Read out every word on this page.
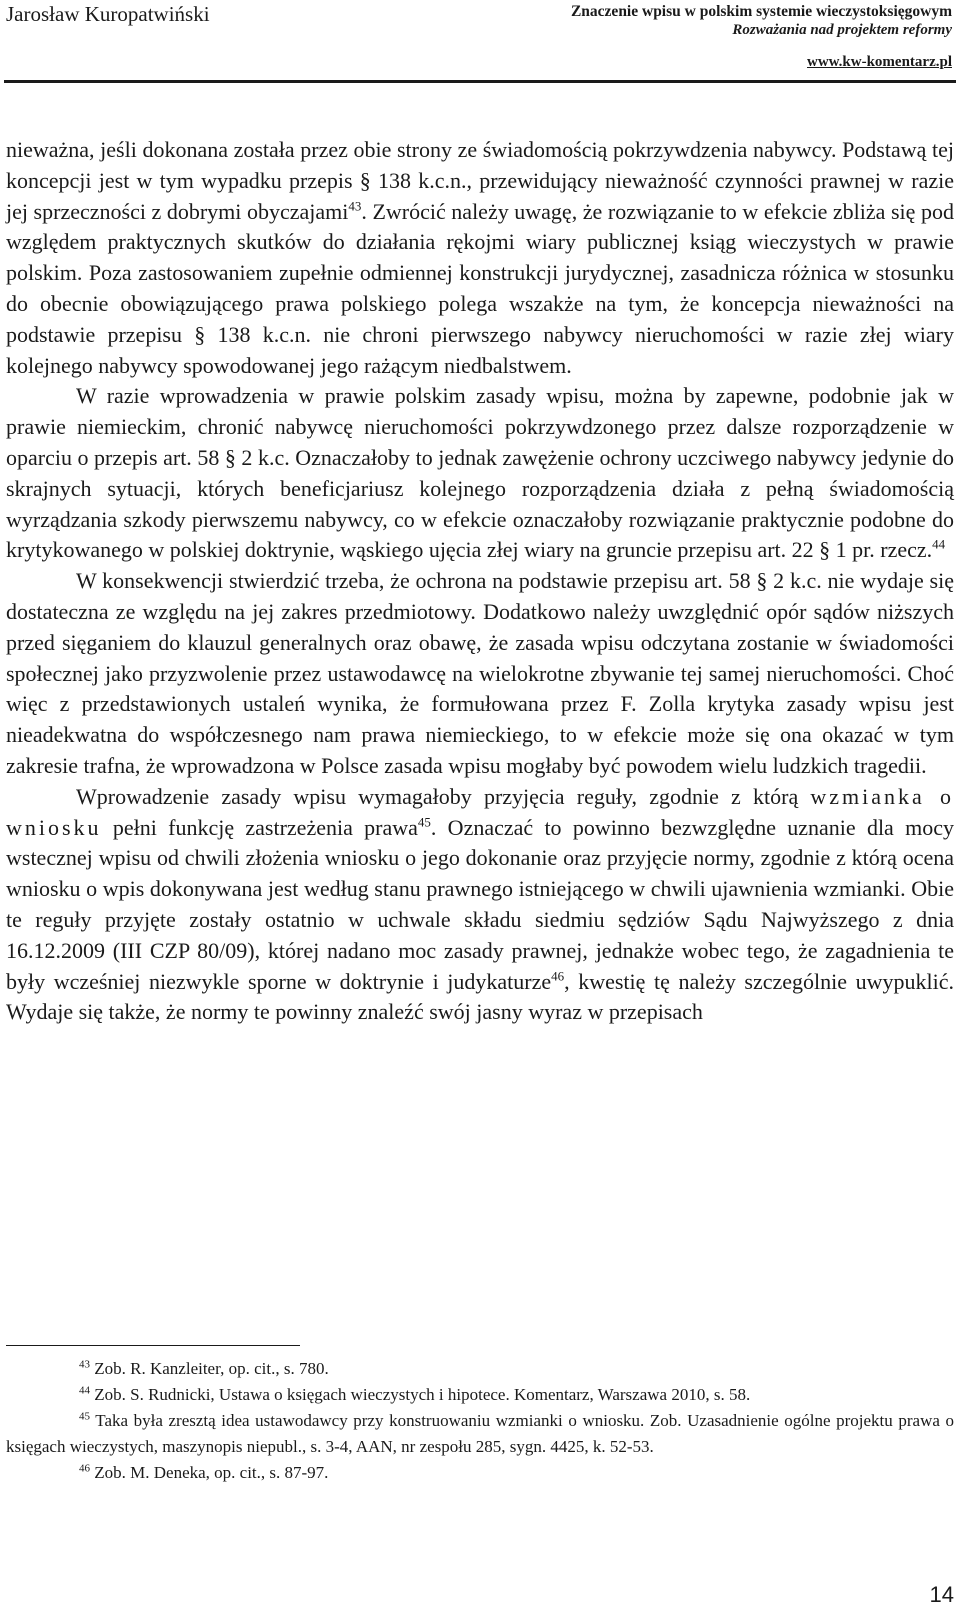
Jarosław Kuropatwiński	Znaczenie wpisu w polskim systemie wieczystoksięgowym
Rozważania nad projektem reformy
www.kw-komentarz.pl

nieważna, jeśli dokonana została przez obie strony ze świadomością pokrzywdzenia nabywcy. Podstawą tej koncepcji jest w tym wypadku przepis § 138 k.c.n., przewidujący nieważność czynności prawnej w razie jej sprzeczności z dobrymi obyczajami$^{43}$. Zwrócić należy uwagę, że rozwiązanie to w efekcie zbliża się pod względem praktycznych skutków do działania rękojmi wiary publicznej ksiąg wieczystych w prawie polskim. Poza zastosowaniem zupełnie odmiennej konstrukcji jurydycznej, zasadnicza różnica w stosunku do obecnie obowiązującego prawa polskiego polega wszakże na tym, że koncepcja nieważności na podstawie przepisu § 138 k.c.n. nie chroni pierwszego nabywcy nieruchomości w razie złej wiary kolejnego nabywcy spowodowanej jego rażącym niedbalstwem.

W razie wprowadzenia w prawie polskim zasady wpisu, można by zapewne, podobnie jak w prawie niemieckim, chronić nabywcę nieruchomości pokrzywdzonego przez dalsze rozporządzenie w oparciu o przepis art. 58 § 2 k.c. Oznaczałoby to jednak zawężenie ochrony uczciwego nabywcy jedynie do skrajnych sytuacji, których beneficjariusz kolejnego rozporządzenia działa z pełną świadomością wyrządzania szkody pierwszemu nabywcy, co w efekcie oznaczałoby rozwiązanie praktycznie podobne do krytykowanego w polskiej doktrynie, wąskiego ujęcia złej wiary na gruncie przepisu art. 22 § 1 pr. rzecz.$^{44}$

W konsekwencji stwierdzić trzeba, że ochrona na podstawie przepisu art. 58 § 2 k.c. nie wydaje się dostateczna ze względu na jej zakres przedmiotowy. Dodatkowo należy uwzględnić opór sądów niższych przed sięganiem do klauzul generalnych oraz obawę, że zasada wpisu odczytana zostanie w świadomości społecznej jako przyzwolenie przez ustawodawcę na wielokrotne zbywanie tej samej nieruchomości. Choć więc z przedstawionych ustaleń wynika, że formułowana przez F. Zolla krytyka zasady wpisu jest nieadekwatna do współczesnego nam prawa niemieckiego, to w efekcie może się ona okazać w tym zakresie trafna, że wprowadzona w Polsce zasada wpisu mogłaby być powodem wielu ludzkich tragedii.

Wprowadzenie zasady wpisu wymagałoby przyjęcia reguły, zgodnie z którą wzmianka o wniosku pełni funkcję zastrzeżenia prawa$^{45}$. Oznaczać to powinno bezwzględne uznanie dla mocy wstecznej wpisu od chwili złożenia wniosku o jego dokonanie oraz przyjęcie normy, zgodnie z którą ocena wniosku o wpis dokonywana jest według stanu prawnego istniejącego w chwili ujawnienia wzmianki. Obie te reguły przyjęte zostały ostatnio w uchwale składu siedmiu sędziów Sądu Najwyższego z dnia 16.12.2009 (III CZP 80/09), której nadano moc zasady prawnej, jednakże wobec tego, że zagadnienia te były wcześniej niezwykle sporne w doktrynie i judykaturze$^{46}$, kwestię tę należy szczególnie uwypuklić. Wydaje się także, że normy te powinny znaleźć swój jasny wyraz w przepisach

$^{43}$ Zob. R. Kanzleiter, op. cit., s. 780.

$^{44}$ Zob. S. Rudnicki, Ustawa o księgach wieczystych i hipotece. Komentarz, Warszawa 2010, s. 58.

$^{45}$ Taka była zresztą idea ustawodawcy przy konstruowaniu wzmianki o wniosku. Zob. Uzasadnienie ogólne projektu prawa o księgach wieczystych, maszynopis niepubl., s. 3-4, AAN, nr zespołu 285, sygn. 4425, k. 52-53.

$^{46}$ Zob. M. Deneka, op. cit., s. 87-97.

14
